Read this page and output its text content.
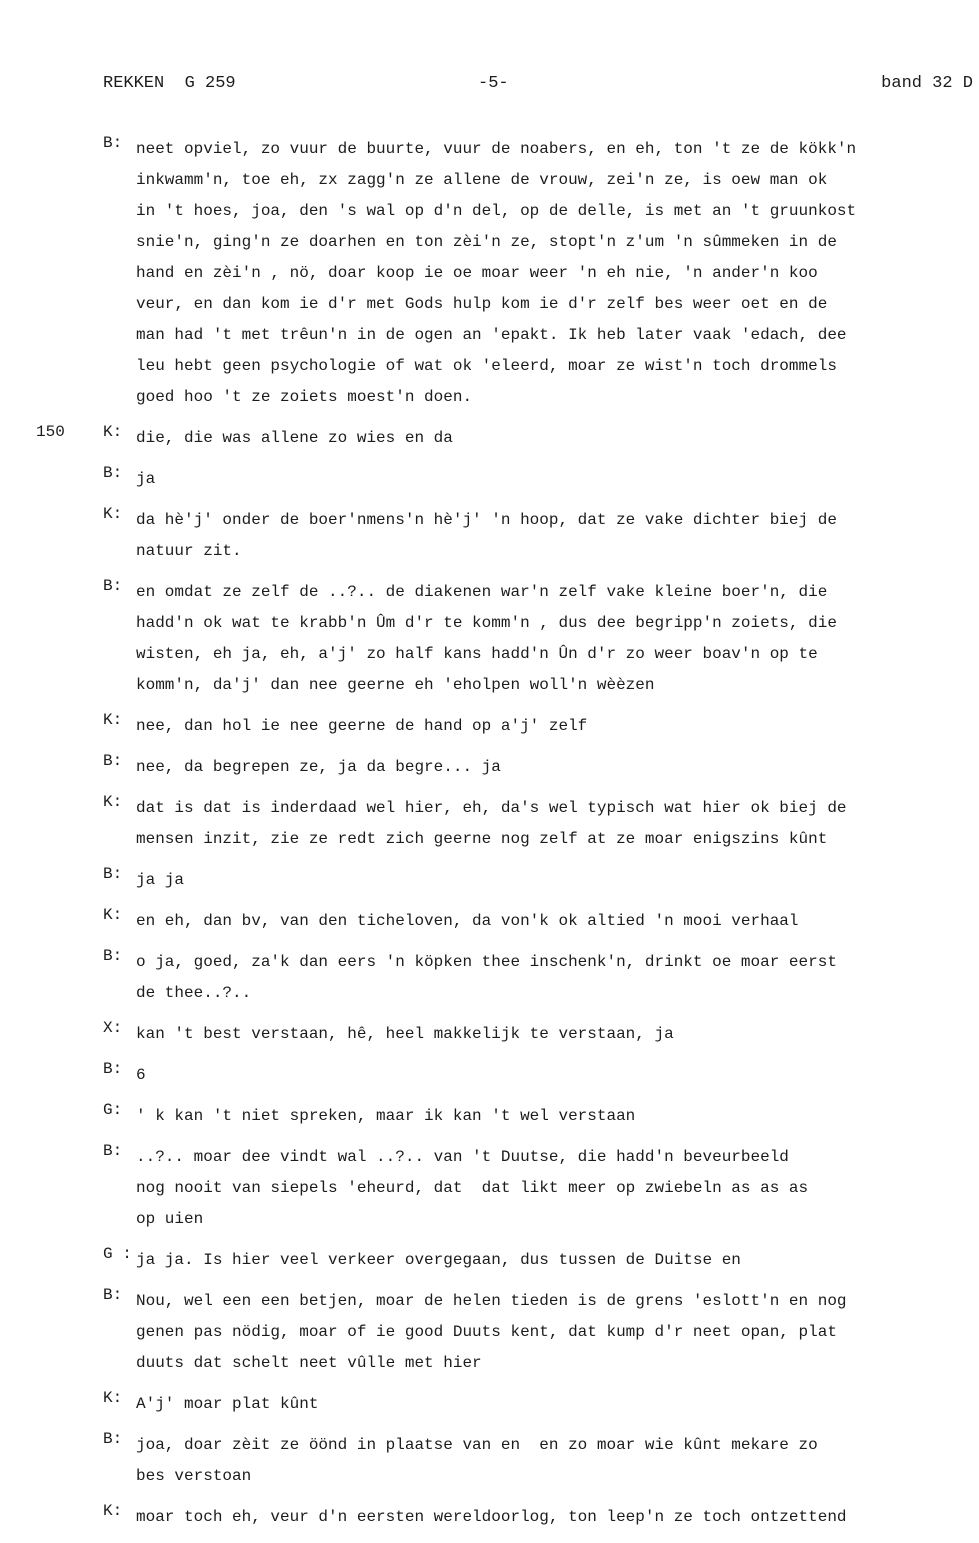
REKKEN  G 259	-5-	band 32 D
B: neet opviel, zo vuur de buurte, vuur de noabers, en eh, ton 't ze de kökk'n
inkwamm'n, toe eh, zx zagg'n ze allene de vrouw, zei'n ze, is oew man ok
in 't hoes, joa, den 's wal op d'n del, op de delle, is met an 't gruunkost
snie'n, ging'n ze doarhen en ton zèi'n ze, stopt'n z'um 'n sûmmeken in de
hand en zèi'n , nö, doar koop ie oe moar weer 'n eh nie, 'n ander'n koo
veur, en dan kom ie d'r met Gods hulp kom ie d'r zelf bes weer oet en de
man had 't met trêun'n in de ogen an 'epakt. Ik heb later vaak 'edach, dee
leu hebt geen psychologie of wat ok 'eleerd, moar ze wist'n toch drommels
goed hoo 't ze zoiets moest'n doen.
150 K: die, die was allene zo wies en da
B: ja
K: da hè'j' onder de boer'nmens'n hè'j' 'n hoop, dat ze vake dichter biej de
natuur zit.
B: en omdat ze zelf de ..?.. de diakenen war'n zelf vake kleine boer'n, die
hadd'n ok wat te krabb'n Ûm d'r te komm'n , dus dee begripp'n zoiets, die
wisten, eh ja, eh, a'j' zo half kans hadd'n Ûn d'r zo weer boav'n op te
komm'n, da'j' dan nee geerne eh 'eholpen woll'n wèèzen
K: nee, dan hol ie nee geerne de hand op a'j' zelf
B: nee, da begrepen ze, ja da begre... ja
K: dat is dat is inderdaad wel hier, eh, da's wel typisch wat hier ok biej de
mensen inzit, zie ze redt zich geerne nog zelf at ze moar enigszins kûnt
B: ja ja
K: en eh, dan bv, van den ticheloven, da von'k ok altied 'n mooi verhaal
B: o ja, goed, za'k dan eers 'n köpken thee inschenk'n, drinkt oe moar eerst
de thee..?..
X: kan 't best verstaan, hê, heel makkelijk te verstaan, ja
B: 6
G: ' k kan 't niet spreken, maar ik kan 't wel verstaan
B: ..?.. moar dee vindt wal ..?.. van 't Duutse, die hadd'n beveurbeeld
nog nooit van siepels 'eheurd, dat  dat likt meer op zwiebeln as as as
op uien
G : ja ja. Is hier veel verkeer overgegaan, dus tussen de Duitse en
B: Nou, wel een een betjen, moar de helen tieden is de grens 'eslott'n en nog
genen pas nödig, moar of ie good Duuts kent, dat kump d'r neet opan, plat
duuts dat schelt neet vûlle met hier
K: A'j' moar plat kûnt
B: joa, doar zèit ze öönd in plaatse van en  en zo moar wie kûnt mekare zo
bes verstoan
K: moar toch eh, veur d'n eersten wereldoorlog, ton leep'n ze toch ontzettend
